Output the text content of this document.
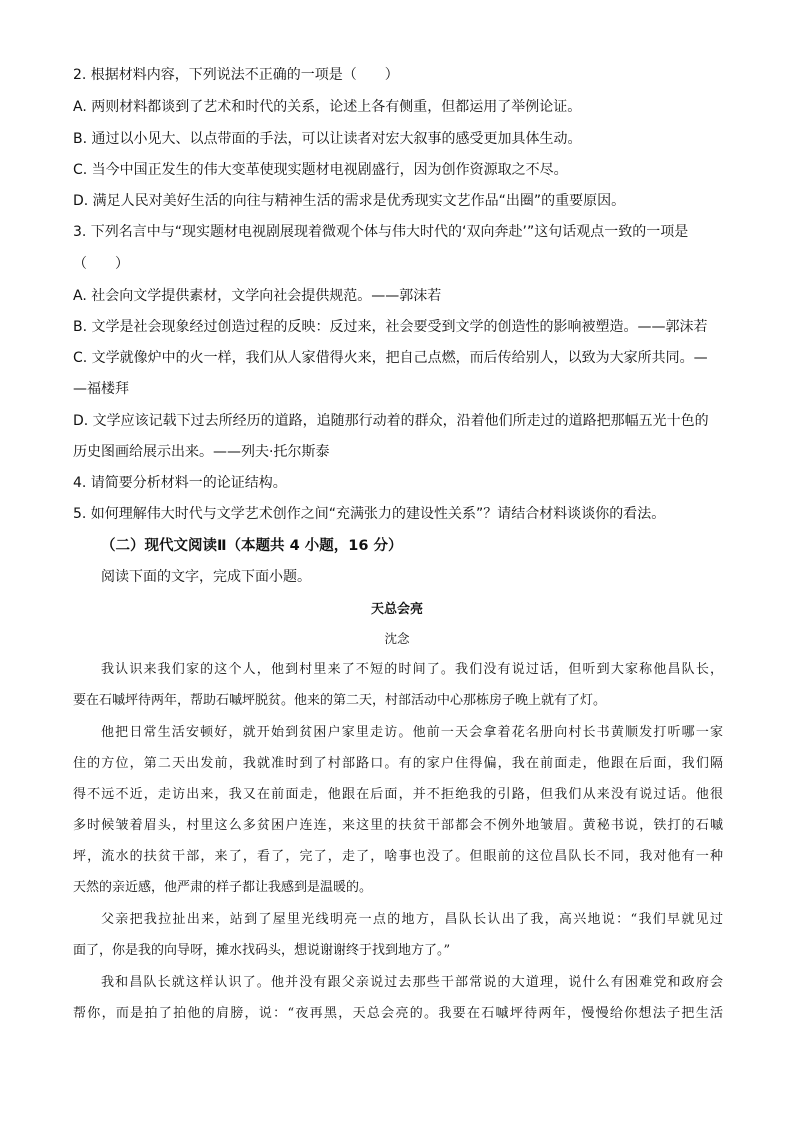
2. 根据材料内容，下列说法不正确的一项是（　　）
A. 两则材料都谈到了艺术和时代的关系，论述上各有侧重，但都运用了举例论证。
B. 通过以小见大、以点带面的手法，可以让读者对宏大叙事的感受更加具体生动。
C. 当今中国正发生的伟大变革使现实题材电视剧盛行，因为创作资源取之不尽。
D. 满足人民对美好生活的向往与精神生活的需求是优秀现实文艺作品“出圈”的重要原因。
3. 下列名言中与“现实题材电视剧展现着微观个体与伟大时代的‘双向奔赴’”这句话观点一致的一项是
（　　）
A. 社会向文学提供素材，文学向社会提供规范。——郭沫若
B. 文学是社会现象经过创造过程的反映：反过来，社会要受到文学的创造性的影响被塑造。——郭沫若
C. 文学就像炉中的火一样，我们从人家借得火来，把自己点燃，而后传给别人，以致为大家所共同。—
—福楼拜
D. 文学应该记载下过去所经历的道路，追随那行动着的群众，沿着他们所走过的道路把那幅五光十色的
历史图画给展示出来。——列夫·托尔斯泰
4. 请简要分析材料一的论证结构。
5. 如何理解伟大时代与文学艺术创作之间“充满张力的建设性关系”？请结合材料谈谈你的看法。
（二）现代文阅读Ⅱ（本题共 4 小题，16 分）
阅读下面的文字，完成下面小题。
天总会亮
沈念
我认识来我们家的这个人，他到村里来了不短的时间了。我们没有说过话，但听到大家称他昌队长，
要在石嘁坪待两年，帮助石嘁坪脱贫。他来的第二天，村部活动中心那栋房子晚上就有了灯。
他把日常生活安顿好，就开始到贫困户家里走访。他前一天会拿着花名册向村长书黄顺发打听哪一家
住的方位，第二天出发前，我就准时到了村部路口。有的家户住得偏，我在前面走，他跟在后面，我们隔
得不远不近，走访出来，我又在前面走，他跟在后面，并不拒绝我的引路，但我们从来没有说过话。他很
多时候皱着眉头，村里这么多贫困户连连，来这里的扶贫干部都会不例外地皱眉。黄秘书说，铁打的石嘁
坪，流水的扶贫干部，来了，看了，完了，走了，啥事也没了。但眼前的这位昌队长不同，我对他有一种
天然的亲近感，他严肃的样子都让我感到是温暖的。
父亲把我拉扯出来，站到了屋里光线明亮一点的地方，昌队长认出了我，高兴地说：“我们早就见过
面了，你是我的向导呀，摊水找码头，想说谢谢终于找到地方了。”
我和昌队长就这样认识了。他并没有跟父亲说过去那些干部常说的大道理，说什么有困难党和政府会
帮你，而是拍了拍他的肩膀，说：“夜再黑，天总会亮的。我要在石嘁坪待两年，慢慢给你想法子把生活
